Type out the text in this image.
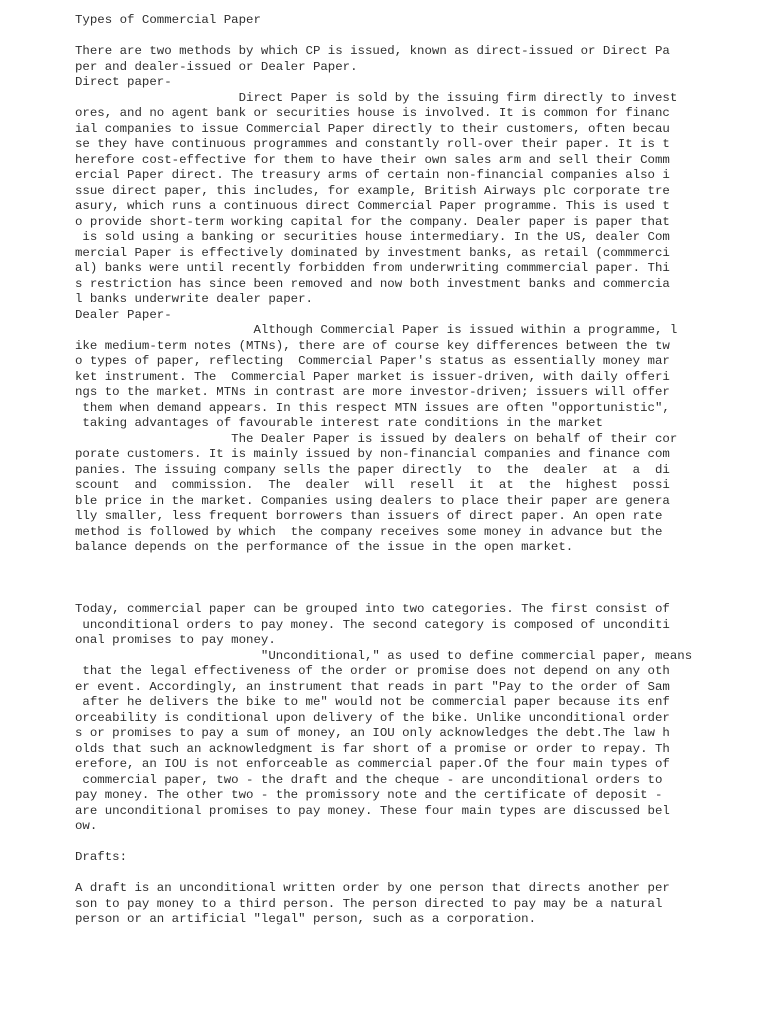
Types of Commercial Paper
There are two methods by which CP is issued, known as direct-issued or Direct Pa
per and dealer-issued or Dealer Paper.
Direct paper-
Direct Paper is sold by the issuing firm directly to invest
ores, and no agent bank or securities house is involved. It is common for financ
ial companies to issue Commercial Paper directly to their customers, often becau
se they have continuous programmes and constantly roll-over their paper. It is t
herefore cost-effective for them to have their own sales arm and sell their Comm
ercial Paper direct. The treasury arms of certain non-financial companies also i
ssue direct paper, this includes, for example, British Airways plc corporate tre
asury, which runs a continuous direct Commercial Paper programme. This is used t
o provide short-term working capital for the company. Dealer paper is paper that
is sold using a banking or securities house intermediary. In the US, dealer Com
mercial Paper is effectively dominated by investment banks, as retail (commmerci
al) banks were until recently forbidden from underwriting commmercial paper. Thi
s restriction has since been removed and now both investment banks and commercia
l banks underwrite dealer paper.
Dealer Paper-
Although Commercial Paper is issued within a programme, l
ike medium-term notes (MTNs), there are of course key differences between the tw
o types of paper, reflecting  Commercial Paper's status as essentially money mar
ket instrument. The  Commercial Paper market is issuer-driven, with daily offeri
ngs to the market. MTNs in contrast are more investor-driven; issuers will offer
them when demand appears. In this respect MTN issues are often "opportunistic",
taking advantages of favourable interest rate conditions in the market
The Dealer Paper is issued by dealers on behalf of their cor
porate customers. It is mainly issued by non-financial companies and finance com
panies. The issuing company sells the paper directly  to  the  dealer  at  a  di
scount  and  commission.  The  dealer  will  resell  it  at  the  highest  possi
ble price in the market. Companies using dealers to place their paper are genera
lly smaller, less frequent borrowers than issuers of direct paper. An open rate
method is followed by which  the company receives some money in advance but the
balance depends on the performance of the issue in the open market.
Today, commercial paper can be grouped into two categories. The first consist of
unconditional orders to pay money. The second category is composed of unconditi
onal promises to pay money.
"Unconditional," as used to define commercial paper, means
that the legal effectiveness of the order or promise does not depend on any oth
er event. Accordingly, an instrument that reads in part "Pay to the order of Sam
after he delivers the bike to me" would not be commercial paper because its enf
orceability is conditional upon delivery of the bike. Unlike unconditional order
s or promises to pay a sum of money, an IOU only acknowledges the debt.The law h
olds that such an acknowledgment is far short of a promise or order to repay. Th
erefore, an IOU is not enforceable as commercial paper.Of the four main types of
commercial paper, two - the draft and the cheque - are unconditional orders to
pay money. The other two - the promissory note and the certificate of deposit -
are unconditional promises to pay money. These four main types are discussed bel
ow.
Drafts:
A draft is an unconditional written order by one person that directs another per
son to pay money to a third person. The person directed to pay may be a natural
person or an artificial "legal" person, such as a corporation.
